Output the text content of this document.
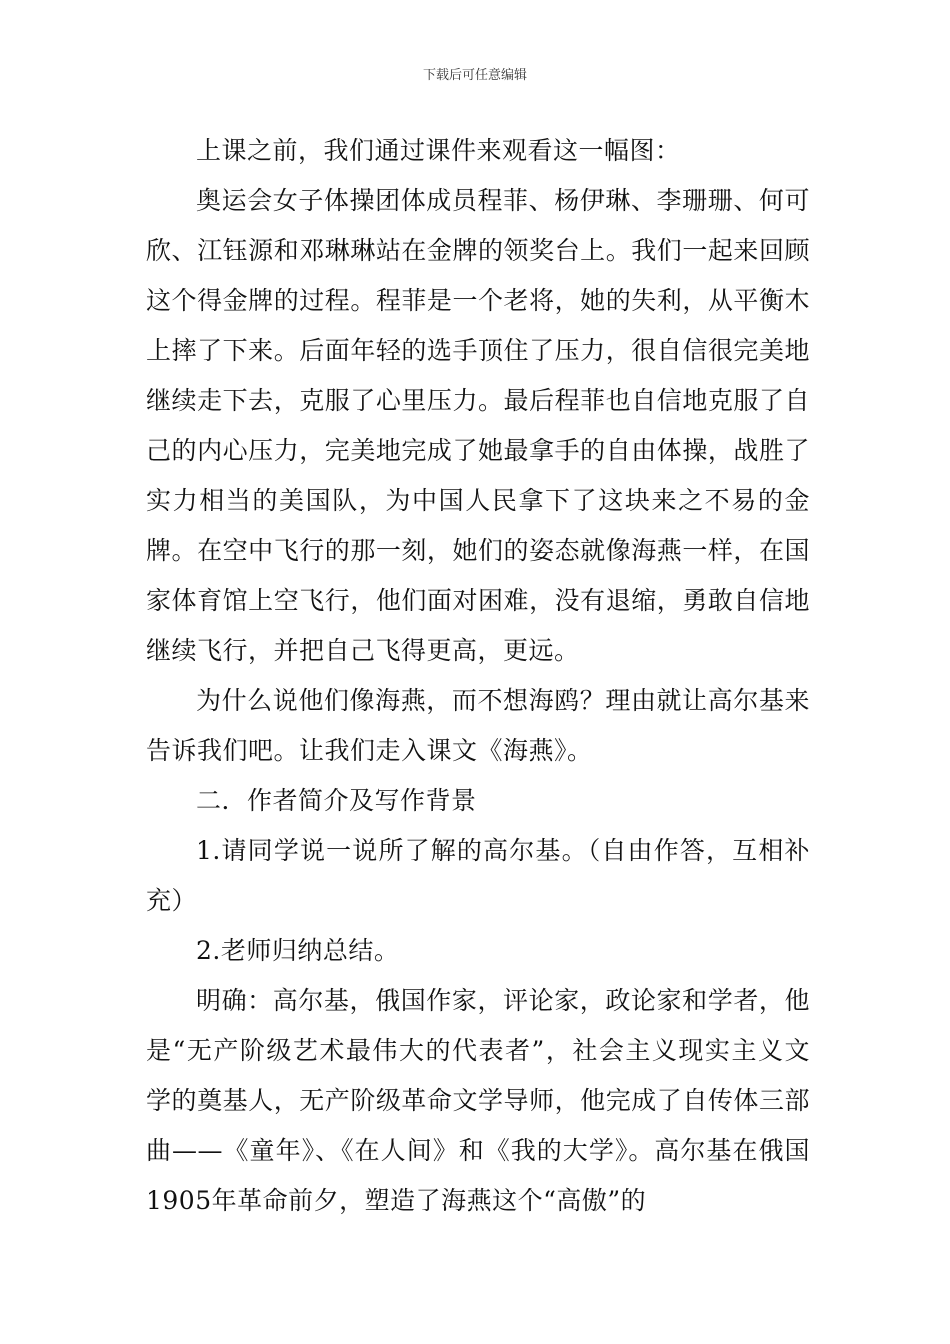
下载后可任意编辑

上课之前，我们通过课件来观看这一幅图：

奥运会女子体操团体成员程菲、杨伊琳、李珊珊、何可欣、江钰源和邓琳琳站在金牌的领奖台上。我们一起来回顾这个得金牌的过程。程菲是一个老将，她的失利，从平衡木上摔了下来。后面年轻的选手顶住了压力，很自信很完美地继续走下去，克服了心里压力。最后程菲也自信地克服了自己的内心压力，完美地完成了她最拿手的自由体操，战胜了实力相当的美国队，为中国人民拿下了这块来之不易的金牌。在空中飞行的那一刻，她们的姿态就像海燕一样，在国家体育馆上空飞行，他们面对困难，没有退缩，勇敢自信地继续飞行，并把自己飞得更高，更远。

为什么说他们像海燕，而不想海鸥？理由就让高尔基来告诉我们吧。让我们走入课文《海燕》。

二．作者简介及写作背景

1.请同学说一说所了解的高尔基。（自由作答，互相补充）

2.老师归纳总结。

明确：高尔基，俄国作家，评论家，政论家和学者，他是“无产阶级艺术最伟大的代表者”，社会主义现实主义文学的奠基人，无产阶级革命文学导师，他完成了自传体三部曲——《童年》、《在人间》和《我的大学》。高尔基在俄国1905年革命前夕，塑造了海燕这个“高傲”的
